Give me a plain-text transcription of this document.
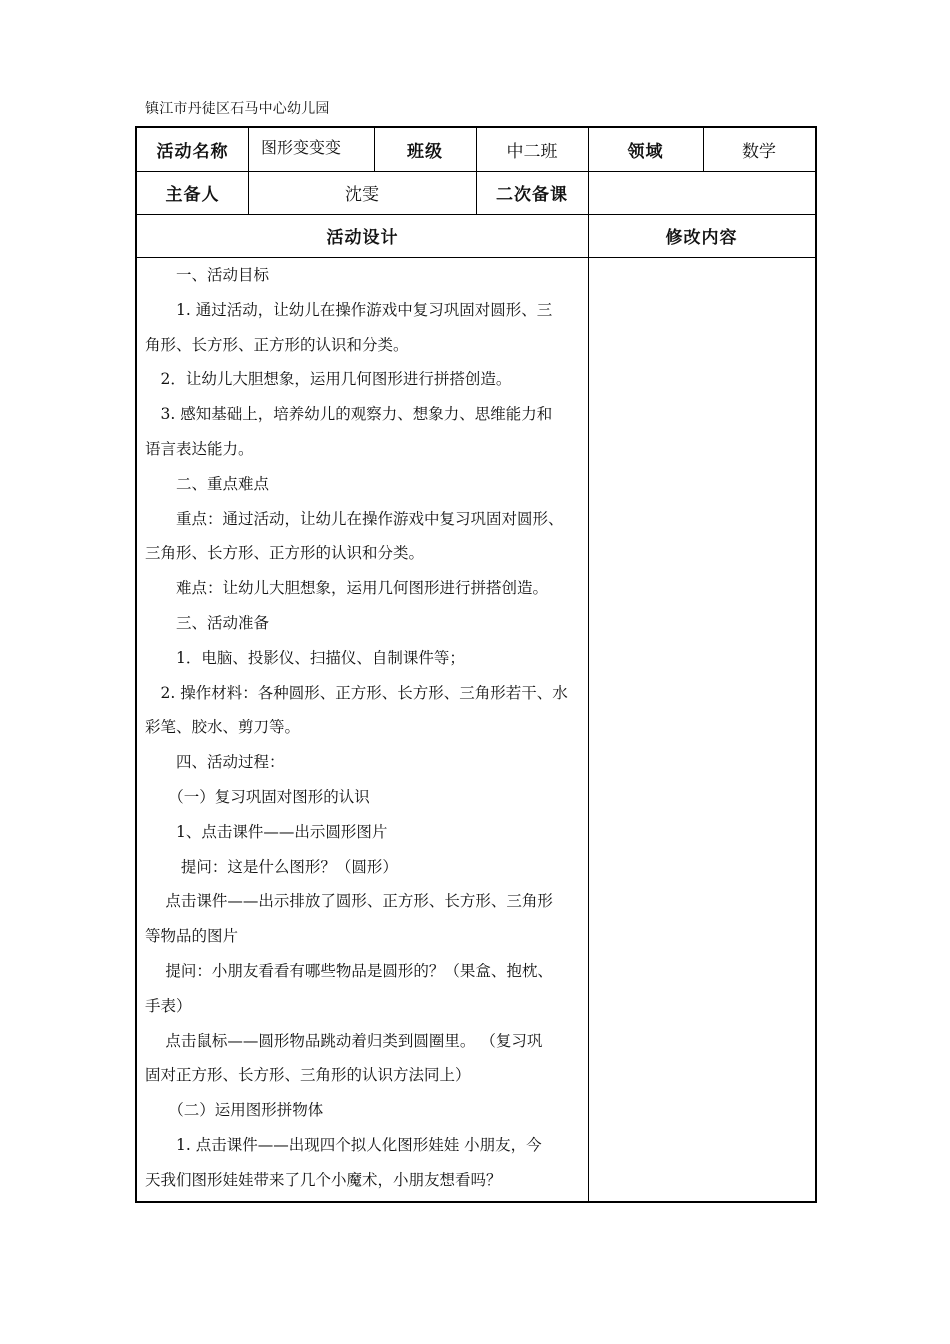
镇江市丹徒区石马中心幼儿园
活动名称	图形变变变	班级	中二班	领域	数学
主备人	沈雯	二次备课
活动设计	修改内容

　　一、活动目标

　　1. 通过活动，让幼儿在操作游戏中复习巩固对圆形、三

角形、长方形、正方形的认识和分类。

　2．让幼儿大胆想象，运用几何图形进行拼搭创造。

　3. 感知基础上，培养幼儿的观察力、想象力、思维能力和

语言表达能力。

　　二、重点难点

　　重点：通过活动，让幼儿在操作游戏中复习巩固对圆形、

三角形、长方形、正方形的认识和分类。

　　难点：让幼儿大胆想象，运用几何图形进行拼搭创造。

　　三、活动准备

　　1．电脑、投影仪、扫描仪、自制课件等；

　2. 操作材料：各种圆形、正方形、长方形、三角形若干、水

彩笔、胶水、剪刀等。

　　四、活动过程：

　　（一）复习巩固对图形的认识

　　1、点击课件——出示圆形图片

　　 提问：这是什么图形？（圆形）

　 点击课件——出示排放了圆形、正方形、长方形、三角形

等物品的图片

　 提问：小朋友看看有哪些物品是圆形的？（果盒、抱枕、

手表）

　 点击鼠标——圆形物品跳动着归类到圆圈里。 （复习巩

固对正方形、长方形、三角形的认识方法同上）

　　（二）运用图形拼物体

　　1. 点击课件——出现四个拟人化图形娃娃 小朋友，今

天我们图形娃娃带来了几个小魔术，小朋友想看吗？
